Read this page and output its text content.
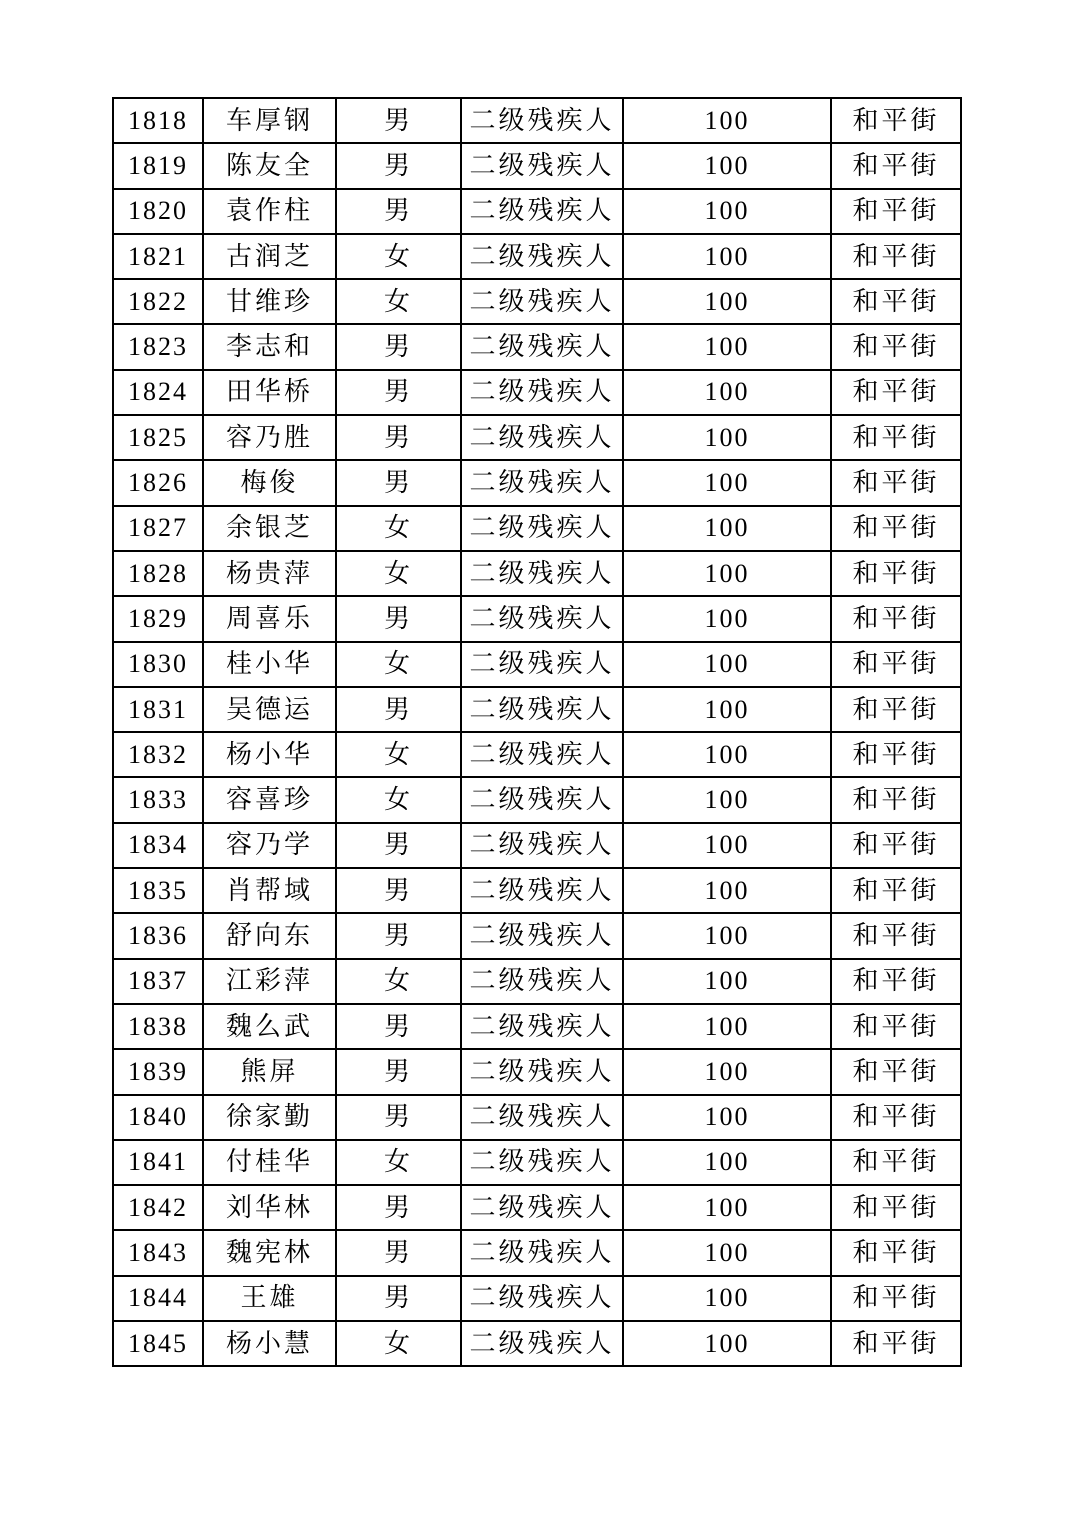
1818	车厚钢	男	二级残疾人	100	和平街
1819	陈友全	男	二级残疾人	100	和平街
1820	袁作柱	男	二级残疾人	100	和平街
1821	古润芝	女	二级残疾人	100	和平街
1822	甘维珍	女	二级残疾人	100	和平街
1823	李志和	男	二级残疾人	100	和平街
1824	田华桥	男	二级残疾人	100	和平街
1825	容乃胜	男	二级残疾人	100	和平街
1826	梅俊	男	二级残疾人	100	和平街
1827	余银芝	女	二级残疾人	100	和平街
1828	杨贵萍	女	二级残疾人	100	和平街
1829	周喜乐	男	二级残疾人	100	和平街
1830	桂小华	女	二级残疾人	100	和平街
1831	吴德运	男	二级残疾人	100	和平街
1832	杨小华	女	二级残疾人	100	和平街
1833	容喜珍	女	二级残疾人	100	和平街
1834	容乃学	男	二级残疾人	100	和平街
1835	肖帮域	男	二级残疾人	100	和平街
1836	舒向东	男	二级残疾人	100	和平街
1837	江彩萍	女	二级残疾人	100	和平街
1838	魏么武	男	二级残疾人	100	和平街
1839	熊屏	男	二级残疾人	100	和平街
1840	徐家勤	男	二级残疾人	100	和平街
1841	付桂华	女	二级残疾人	100	和平街
1842	刘华林	男	二级残疾人	100	和平街
1843	魏宪林	男	二级残疾人	100	和平街
1844	王雄	男	二级残疾人	100	和平街
1845	杨小慧	女	二级残疾人	100	和平街
